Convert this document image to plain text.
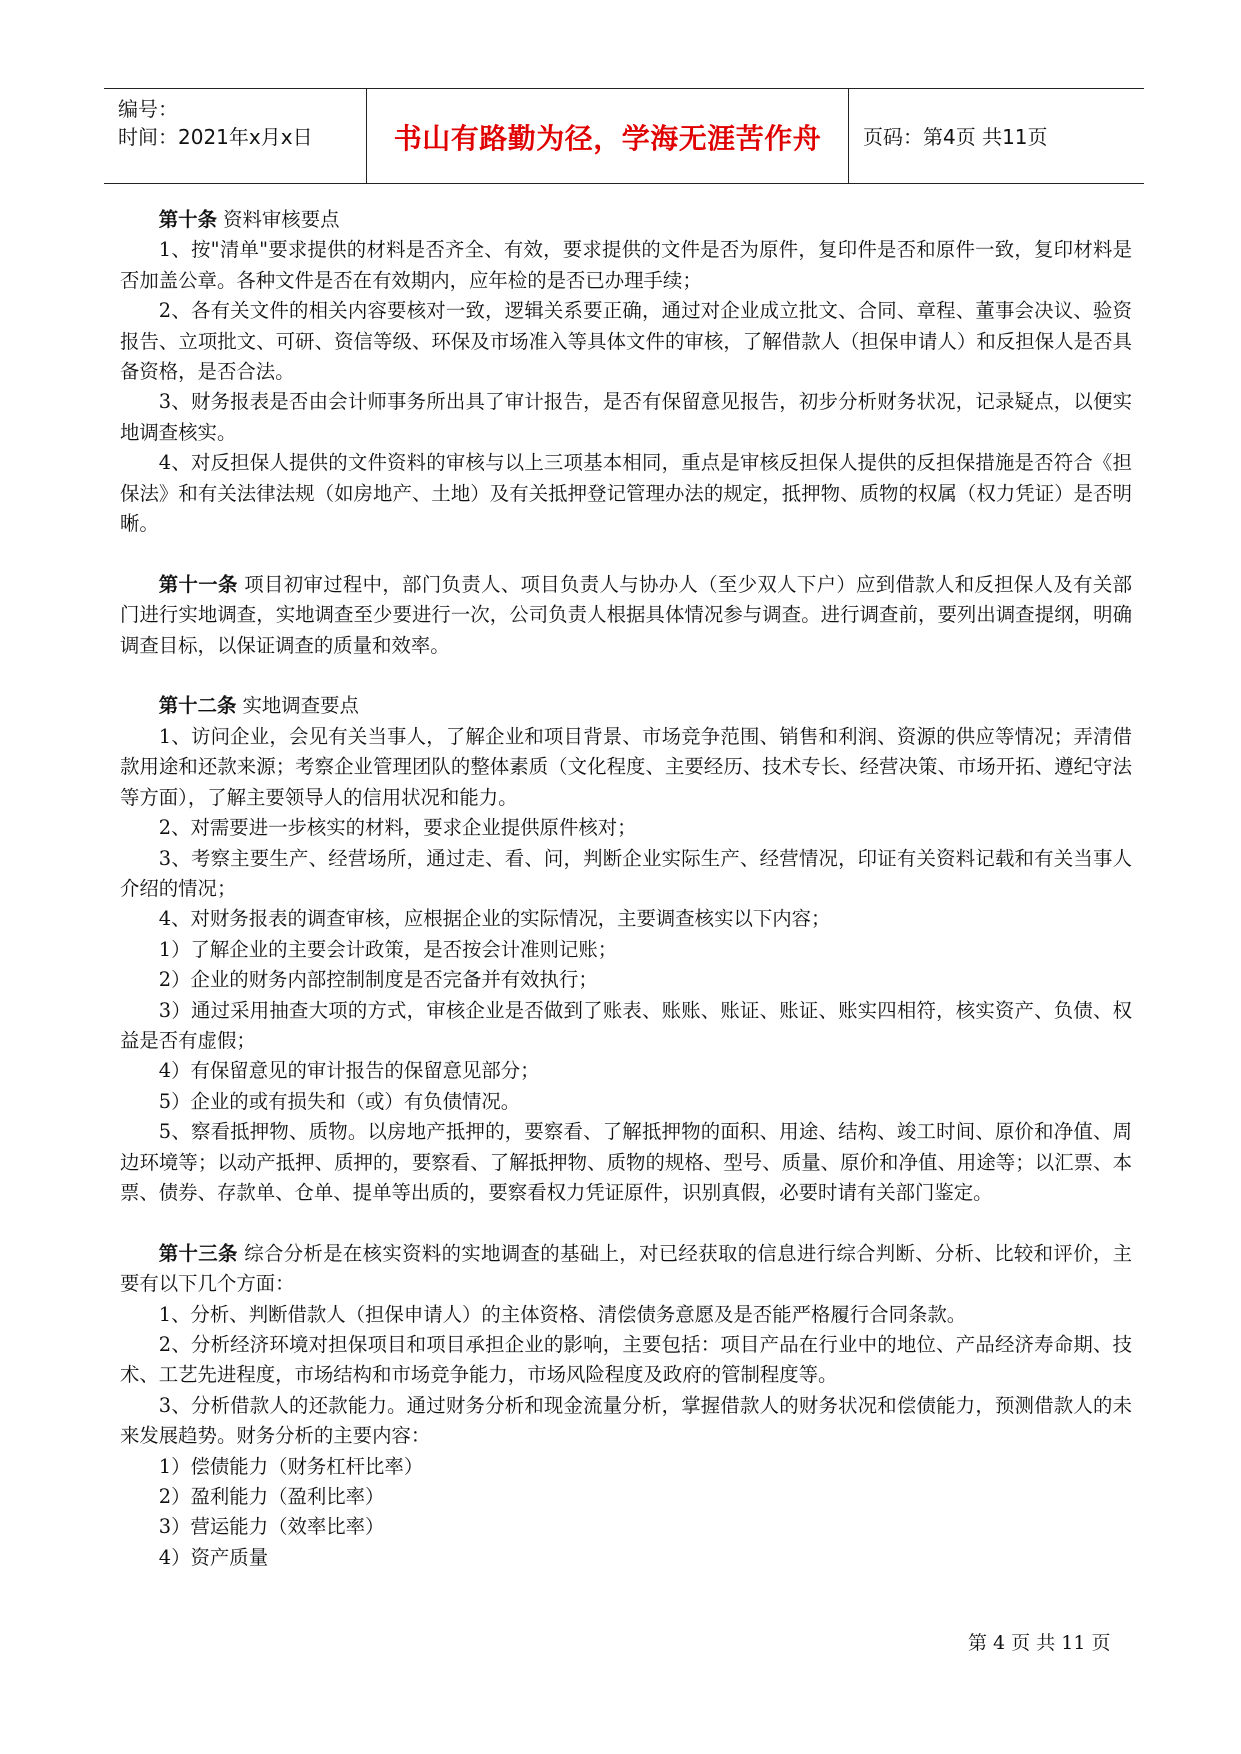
编号：
时间：2021年x月x日	书山有路勤为径，学海无涯苦作舟	页码：第4页 共11页

第十条 资料审核要点

1、按"清单"要求提供的材料是否齐全、有效，要求提供的文件是否为原件，复印件是否和原件一致，复印材料是否加盖公章。各种文件是否在有效期内，应年检的是否已办理手续；

2、各有关文件的相关内容要核对一致，逻辑关系要正确，通过对企业成立批文、合同、章程、董事会决议、验资报告、立项批文、可研、资信等级、环保及市场准入等具体文件的审核，了解借款人（担保申请人）和反担保人是否具备资格，是否合法。

3、财务报表是否由会计师事务所出具了审计报告，是否有保留意见报告，初步分析财务状况，记录疑点，以便实地调查核实。

4、对反担保人提供的文件资料的审核与以上三项基本相同，重点是审核反担保人提供的反担保措施是否符合《担保法》和有关法律法规（如房地产、土地）及有关抵押登记管理办法的规定，抵押物、质物的权属（权力凭证）是否明晰。

第十一条 项目初审过程中，部门负责人、项目负责人与协办人（至少双人下户）应到借款人和反担保人及有关部门进行实地调查，实地调查至少要进行一次，公司负责人根据具体情况参与调查。进行调查前，要列出调查提纲，明确调查目标，以保证调查的质量和效率。

第十二条 实地调查要点

1、访问企业，会见有关当事人，了解企业和项目背景、市场竞争范围、销售和利润、资源的供应等情况；弄清借款用途和还款来源；考察企业管理团队的整体素质（文化程度、主要经历、技术专长、经营决策、市场开拓、遵纪守法等方面），了解主要领导人的信用状况和能力。

2、对需要进一步核实的材料，要求企业提供原件核对；

3、考察主要生产、经营场所，通过走、看、问，判断企业实际生产、经营情况，印证有关资料记载和有关当事人介绍的情况；

4、对财务报表的调查审核，应根据企业的实际情况，主要调查核实以下内容；

1）了解企业的主要会计政策，是否按会计准则记账；

2）企业的财务内部控制制度是否完备并有效执行；

3）通过采用抽查大项的方式，审核企业是否做到了账表、账账、账证、账证、账实四相符，核实资产、负债、权益是否有虚假；

4）有保留意见的审计报告的保留意见部分；

5）企业的或有损失和（或）有负债情况。

5、察看抵押物、质物。以房地产抵押的，要察看、了解抵押物的面积、用途、结构、竣工时间、原价和净值、周边环境等；以动产抵押、质押的，要察看、了解抵押物、质物的规格、型号、质量、原价和净值、用途等；以汇票、本票、债券、存款单、仓单、提单等出质的，要察看权力凭证原件，识别真假，必要时请有关部门鉴定。

第十三条 综合分析是在核实资料的实地调查的基础上，对已经获取的信息进行综合判断、分析、比较和评价，主要有以下几个方面：

1、分析、判断借款人（担保申请人）的主体资格、清偿债务意愿及是否能严格履行合同条款。

2、分析经济环境对担保项目和项目承担企业的影响，主要包括：项目产品在行业中的地位、产品经济寿命期、技术、工艺先进程度，市场结构和市场竞争能力，市场风险程度及政府的管制程度等。

3、分析借款人的还款能力。通过财务分析和现金流量分析，掌握借款人的财务状况和偿债能力，预测借款人的未来发展趋势。财务分析的主要内容：

1）偿债能力（财务杠杆比率）

2）盈利能力（盈利比率）

3）营运能力（效率比率）

4）资产质量

第 4 页 共 11 页
